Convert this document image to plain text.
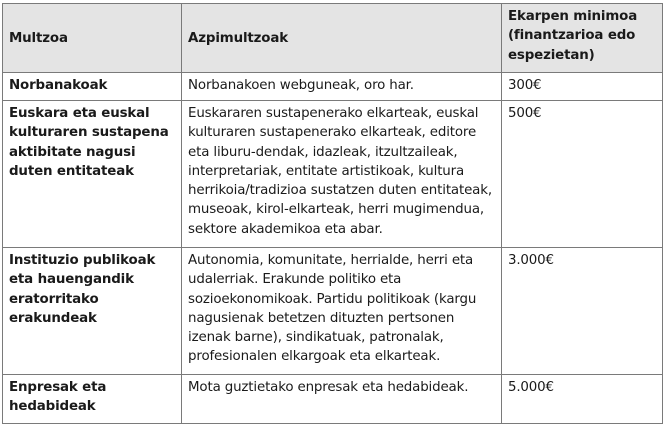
Multzoa	Azpimultzoak	Ekarpen minimoa (finantzarioa edo espezietan)
Norbanakoak	Norbanakoen webguneak, oro har.	300€
Euskara eta euskal kulturaren sustapena aktibitate nagusi duten entitateak	Euskararen sustapenerako elkarteak, euskal kulturaren sustapenerako elkarteak, editore eta liburu-dendak, idazleak, itzultzaileak, interpretariak, entitate artistikoak, kultura herrikoia/tradizioa sustatzen duten entitateak, museoak, kirol-elkarteak, herri mugimendua, sektore akademikoa eta abar.	500€
Instituzio publikoak eta hauengandik eratorritako erakundeak	Autonomia, komunitate, herrialde, herri eta udalerriak. Erakunde politiko eta sozioekonomikoak. Partidu politikoak (kargu nagusienak betetzen dituzten pertsonen izenak barne), sindikatuak, patronalak, profesionalen elkargoak eta elkarteak.	3.000€
Enpresak eta hedabideak	Mota guztietako enpresak eta hedabideak.	5.000€
